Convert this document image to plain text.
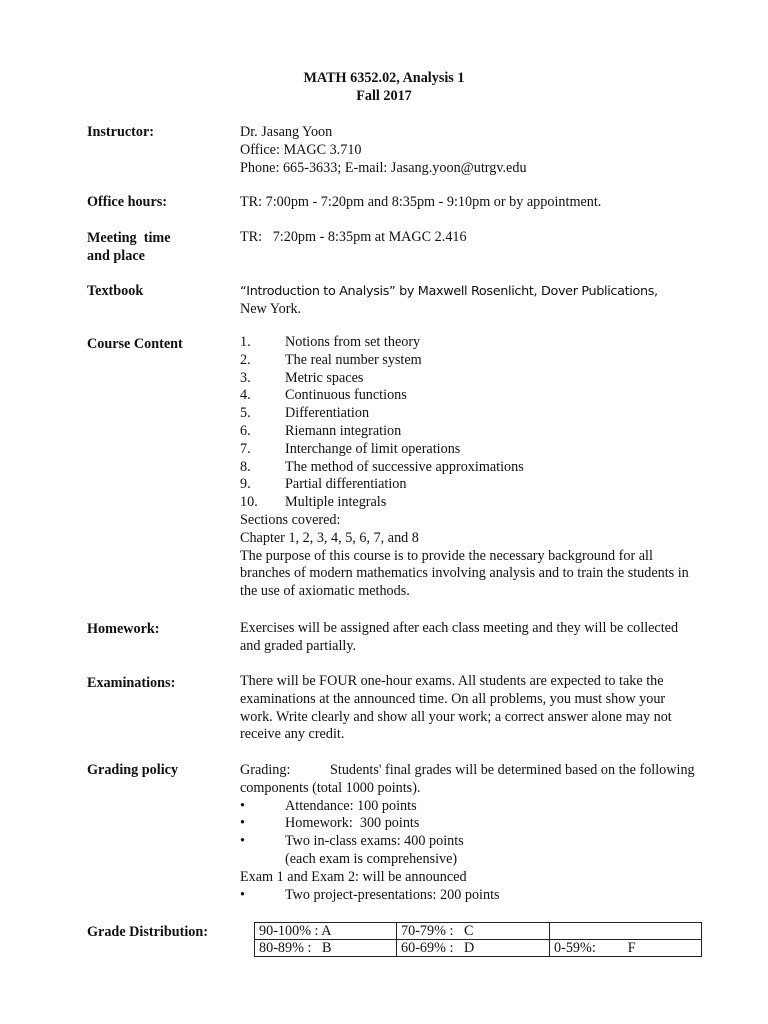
MATH 6352.02, Analysis 1
Fall 2017
Instructor:	Dr. Jasang Yoon
Office: MAGC 3.710
Phone: 665-3633; E-mail: Jasang.yoon@utrgv.edu
Office hours:	TR: 7:00pm - 7:20pm and 8:35pm - 9:10pm or by appointment.
Meeting  time
and place
TR:   7:20pm - 8:35pm at MAGC 2.416
Textbook	“Introduction to Analysis” by Maxwell Rosenlicht, Dover Publications,
New York.
Course Content	1. Notions from set theory
2. The real number system
3. Metric spaces
4. Continuous functions
5. Differentiation
6. Riemann integration
7. Interchange of limit operations
8. The method of successive approximations
9. Partial differentiation
10. Multiple integrals
Sections covered:
Chapter 1, 2, 3, 4, 5, 6, 7, and 8
The purpose of this course is to provide the necessary background for all
branches of modern mathematics involving analysis and to train the students in
the use of axiomatic methods.
Homework:	Exercises will be assigned after each class meeting and they will be collected
and graded partially.
Examinations:	There will be FOUR one-hour exams. All students are expected to take the
examinations at the announced time. On all problems, you must show your
work. Write clearly and show all your work; a correct answer alone may not
receive any credit.
Grading policy	Grading:	Students' final grades will be determined based on the following
components (total 1000 points).
•	Attendance: 100 points
•	Homework:  300 points
•	Two in-class exams: 400 points
(each exam is comprehensive)
Exam 1 and Exam 2: will be announced
•	Two project-presentations: 200 points
Grade Distribution:	90-100% : A	70-79% :   C	
80-89% :   B	60-69% :   D	0-59%:         F
